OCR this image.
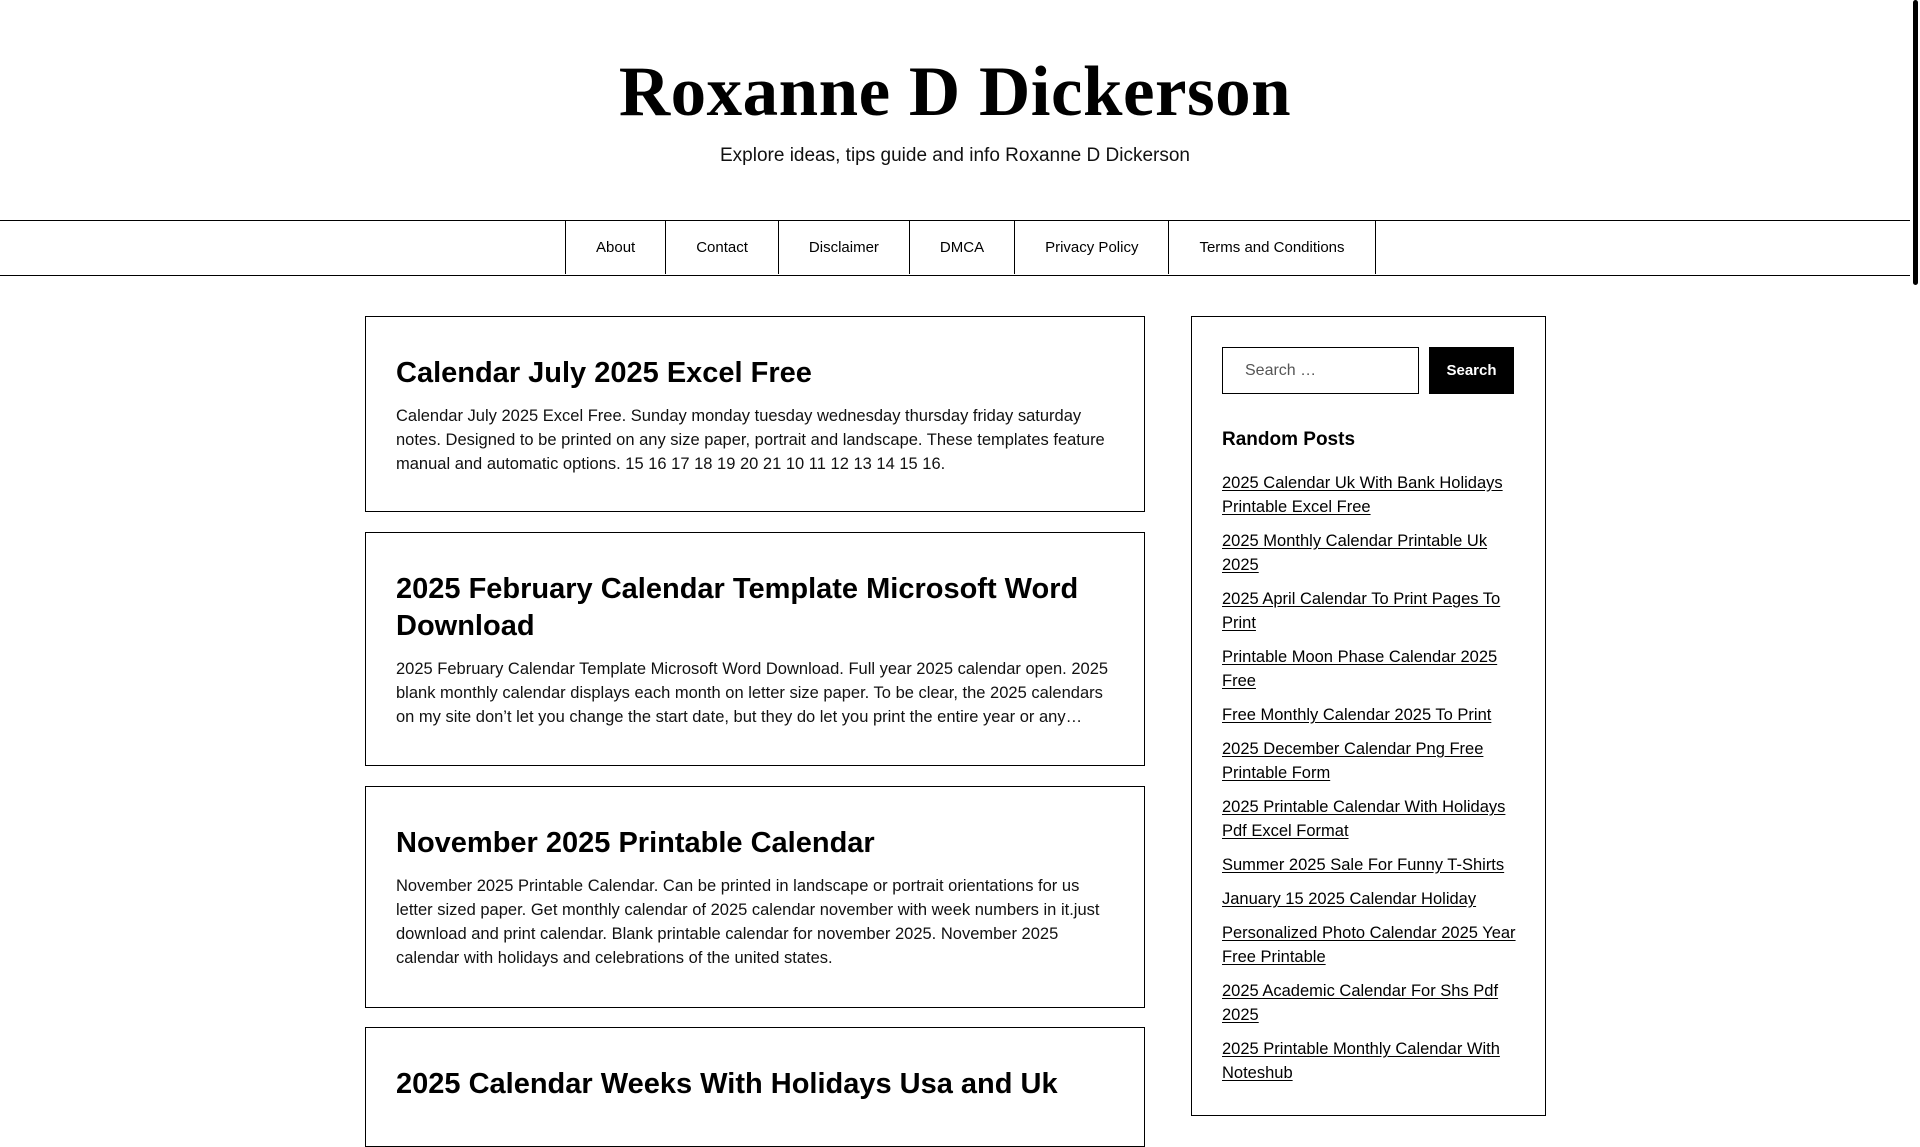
Roxanne D Dickerson
Explore ideas, tips guide and info Roxanne D Dickerson
About	Contact	Disclaimer	DMCA	Privacy Policy	Terms and Conditions
Calendar July 2025 Excel Free

Calendar July 2025 Excel Free. Sunday monday tuesday wednesday thursday friday saturday notes. Designed to be printed on any size paper, portrait and landscape. These templates feature manual and automatic options. 15 16 17 18 19 20 21 10 11 12 13 14 15 16.

2025 February Calendar Template Microsoft Word Download

2025 February Calendar Template Microsoft Word Download. Full year 2025 calendar open. 2025 blank monthly calendar displays each month on letter size paper. To be clear, the 2025 calendars on my site don’t let you change the start date, but they do let you print the entire year or any…

November 2025 Printable Calendar

November 2025 Printable Calendar. Can be printed in landscape or portrait orientations for us letter sized paper. Get monthly calendar of 2025 calendar november with week numbers in it.just download and print calendar. Blank printable calendar for november 2025. November 2025 calendar with holidays and celebrations of the united states.

2025 Calendar Weeks With Holidays Usa and Uk
Search …
Search
Random Posts
2025 Calendar Uk With Bank Holidays Printable Excel Free
2025 Monthly Calendar Printable Uk 2025
2025 April Calendar To Print Pages To Print
Printable Moon Phase Calendar 2025 Free
Free Monthly Calendar 2025 To Print
2025 December Calendar Png Free Printable Form
2025 Printable Calendar With Holidays Pdf Excel Format
Summer 2025 Sale For Funny T-Shirts
January 15 2025 Calendar Holiday
Personalized Photo Calendar 2025 Year Free Printable
2025 Academic Calendar For Shs Pdf 2025
2025 Printable Monthly Calendar With Noteshub
